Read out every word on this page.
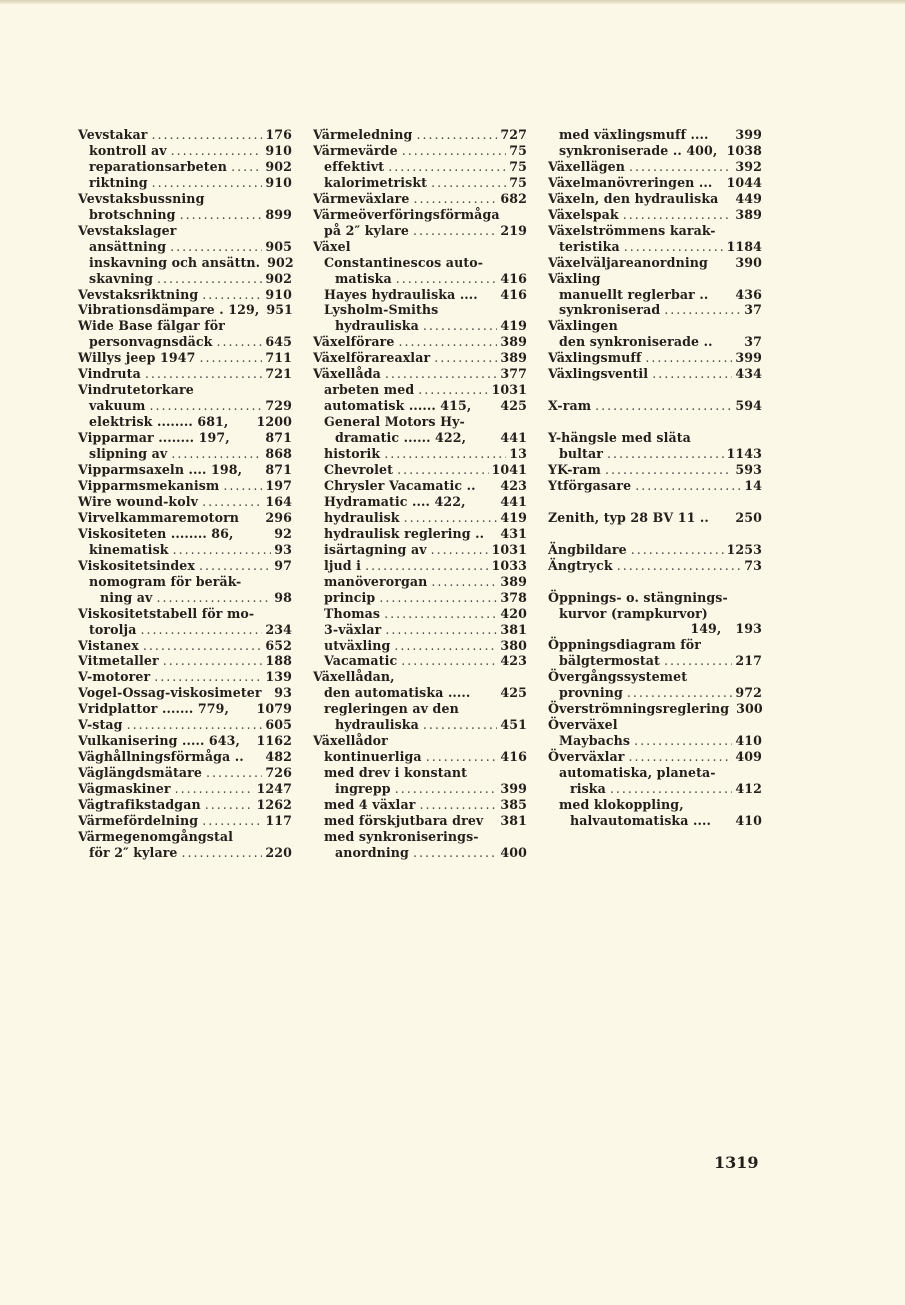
Vevstakar .....	176
kontroll av .....	910
reparationsarbeten .....	902
riktning .....	910
Vevstaksbussning
brotschning .....	899
Vevstakslager
ansättning .....	905
inskavning och ansättn. 902
skavning .....	902
Vevstaksriktning .....	910
Vibrationsdämpare . 129, 951
Wide Base fälgar för
personvagnsdäck .....	645
Willys jeep 1947 .....	711
Vindruta .....	721
Vindrutetorkare
vakuum .....	729
elektrisk ........ 681, 1200
Vipparmar ........ 197,	871
slipning av .....	868
Vipparmsaxeln .... 198, 871
Vipparmsmekanism .....	197
Wire wound-kolv .....	164
Virvelkammaremotorn 296
Viskositeten ........ 86,	92
kinematisk .....	93
Viskositetsindex .....	97
nomogram för beräk-
ning av .....	98
Viskositetstabell för mo-
torolja .....	234
Vistanex .....	652
Vitmetaller .....	188
V-motorer .....	139
Vogel-Ossag-viskosimeter 93
Vridplattor ....... 779, 1079
V-stag .....	605
Vulkanisering ..... 643, 1162
Väghållningsförmåga .. 482
Väglängdsmätare .....	726
Vägmaskiner .....	1247
Vägtrafikstadgan .....	1262
Värmefördelning .....	117
Värmegenomgångstal
för 2″ kylare .....	220
Värmeledning .....	727
Värmevärde .....	75
effektivt .....	75
kalorimetriskt .....	75
Värmeväxlare .....	682
Värmeöverföringsförmåga
på 2″ kylare .....	219
Växel
Constantinescos auto-
matiska .....	416
Hayes hydrauliska .... 416
Lysholm-Smiths
hydrauliska .....	419
Växelförare .....	389
Växelförareaxlar .....	389
Växellåda .....	377
arbeten med .....	1031
automatisk ...... 415, 425
General Motors Hy-
dramatic ...... 422,	441
historik .....	13
Chevrolet .....	1041
Chrysler Vacamatic .. 423
Hydramatic .... 422,	441
hydraulisk .....	419
hydraulisk reglering .. 431
isärtagning av .....	1031
ljud i .....	1033
manöverorgan .....	389
princip .....	378
Thomas .....	420
3-växlar .....	381
utväxling .....	380
Vacamatic .....	423
Växellådan,
den automatiska ..... 425
regleringen av den
hydrauliska .....	451
Växellådor
kontinuerliga .....	416
med drev i konstant
ingrepp .....	399
med 4 växlar .....	385
med förskjutbara drev 381
med synkroniserings-
anordning .....	400
med växlingsmuff .... 399
synkroniserade .. 400, 1038
Växellägen .....	392
Växelmanövreringen ... 1044
Växeln, den hydrauliska 449
Växelspak .....	389
Växelströmmens karak-
teristika .....	1184
Växelväljareanordning 390
Växling
manuellt reglerbar .. 436
synkroniserad .....	37
Växlingen
den synkroniserade ..	37
Växlingsmuff .....	399
Växlingsventil .....	434
X-ram .....	594
Y-hängsle med släta
bultar .....	1143
YK-ram .....	593
Ytförgasare .....	14
Zenith, typ 28 BV 11 .. 250
Ängbildare .....	1253
Ängtryck .....	73
Öppnings- o. stängnings-
kurvor (rampkurvor)
149, 193
Öppningsdiagram för
bälgtermostat .....	217
Övergångssystemet
provning .....	972
Överströmningsreglering 300
Överväxel
Maybachs .....	410
Överväxlar .....	409
automatiska, planeta-
riska .....	412
med klokoppling,
halvautomatiska .... 410
1319
